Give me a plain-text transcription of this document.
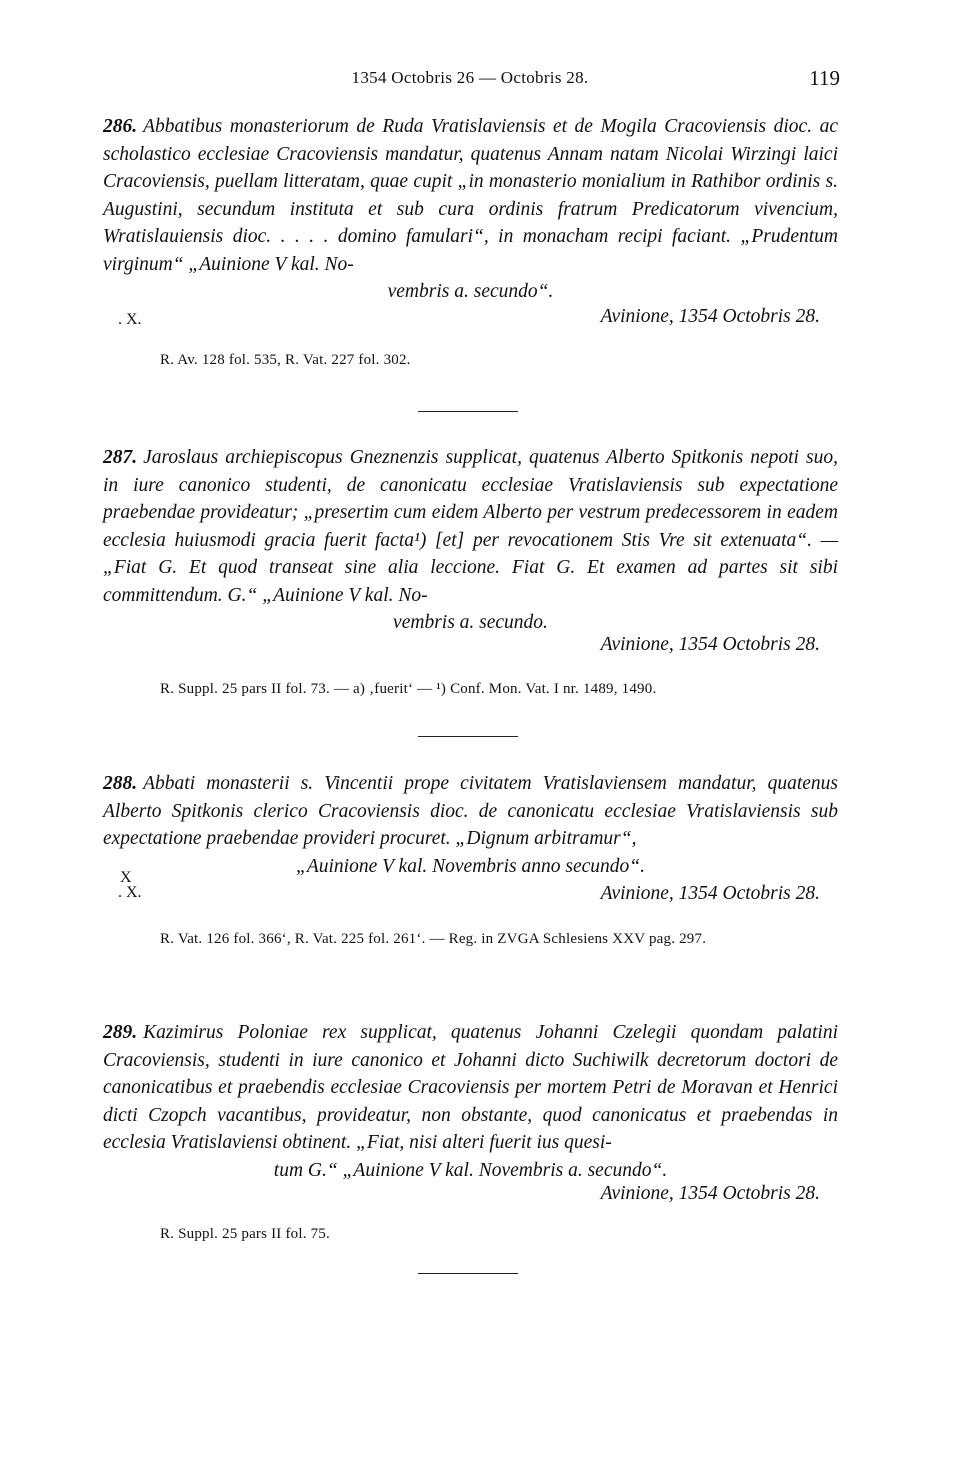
1354 Octobris 26 — Octobris 28.	119

286. Abbatibus monasteriorum de Ruda Vratislaviensis et de Mogila Cracoviensis dioc. ac scholastico ecclesiae Cracoviensis mandatur, quatenus Annam natam Nicolai Wirzingi laici Cracoviensis, puellam litteratam, quae cupit „in monasterio monialium in Rathibor ordinis s. Augustini, secundum instituta et sub cura ordinis fratrum Predicatorum vivencium, Wratislauiensis dioc. . . . . domino famulari“, in monacham recipi faciant. „Prudentum virginum“ „Auinione V kal. No-
vembris a. secundo“.

. X.	Avinione, 1354 Octobris 28.
R. Av. 128 fol. 535, R. Vat. 227 fol. 302.

287. Jaroslaus archiepiscopus Gneznenzis supplicat, quatenus Alberto Spitkonis nepoti suo, in iure canonico studenti, de canonicatu ecclesiae Vratislaviensis sub expectatione praebendae provideatur; „presertim cum eidem Alberto per vestrum predecessorem in eadem ecclesia huiusmodi gracia fuerit facta¹) [et] per revocationem Stis Vre sit extenuata“. — „Fiat G. Et quod transeat sine alia leccione. Fiat G. Et examen ad partes sit sibi committendum. G.“ „Auinione V kal. No-
vembris a. secundo.

Avinione, 1354 Octobris 28.
R. Suppl. 25 pars II fol. 73. — a) ‚fuerit‘ — ¹) Conf. Mon. Vat. I nr. 1489, 1490.

288. Abbati monasterii s. Vincentii prope civitatem Vratislaviensem mandatur, quatenus Alberto Spitkonis clerico Cracoviensis dioc. de canonicatu ecclesiae Vratislaviensis sub expectatione praebendae provideri procuret. „Dignum arbitramur“,
„Auinione V kal. Novembris anno secundo“.

X
. X.	Avinione, 1354 Octobris 28.
R. Vat. 126 fol. 366‘, R. Vat. 225 fol. 261‘. — Reg. in ZVGA Schlesiens XXV pag. 297.

289. Kazimirus Poloniae rex supplicat, quatenus Johanni Czelegii quondam palatini Cracoviensis, studenti in iure canonico et Johanni dicto Suchiwilk decretorum doctori de canonicatibus et praebendis ecclesiae Cracoviensis per mortem Petri de Moravan et Henrici dicti Czopch vacantibus, provideatur, non obstante, quod canonicatus et praebendas in ecclesia Vratislaviensi obtinent. „Fiat, nisi alteri fuerit ius quesi-
tum G.“ „Auinione V kal. Novembris a. secundo“.

Avinione, 1354 Octobris 28.
R. Suppl. 25 pars II fol. 75.
